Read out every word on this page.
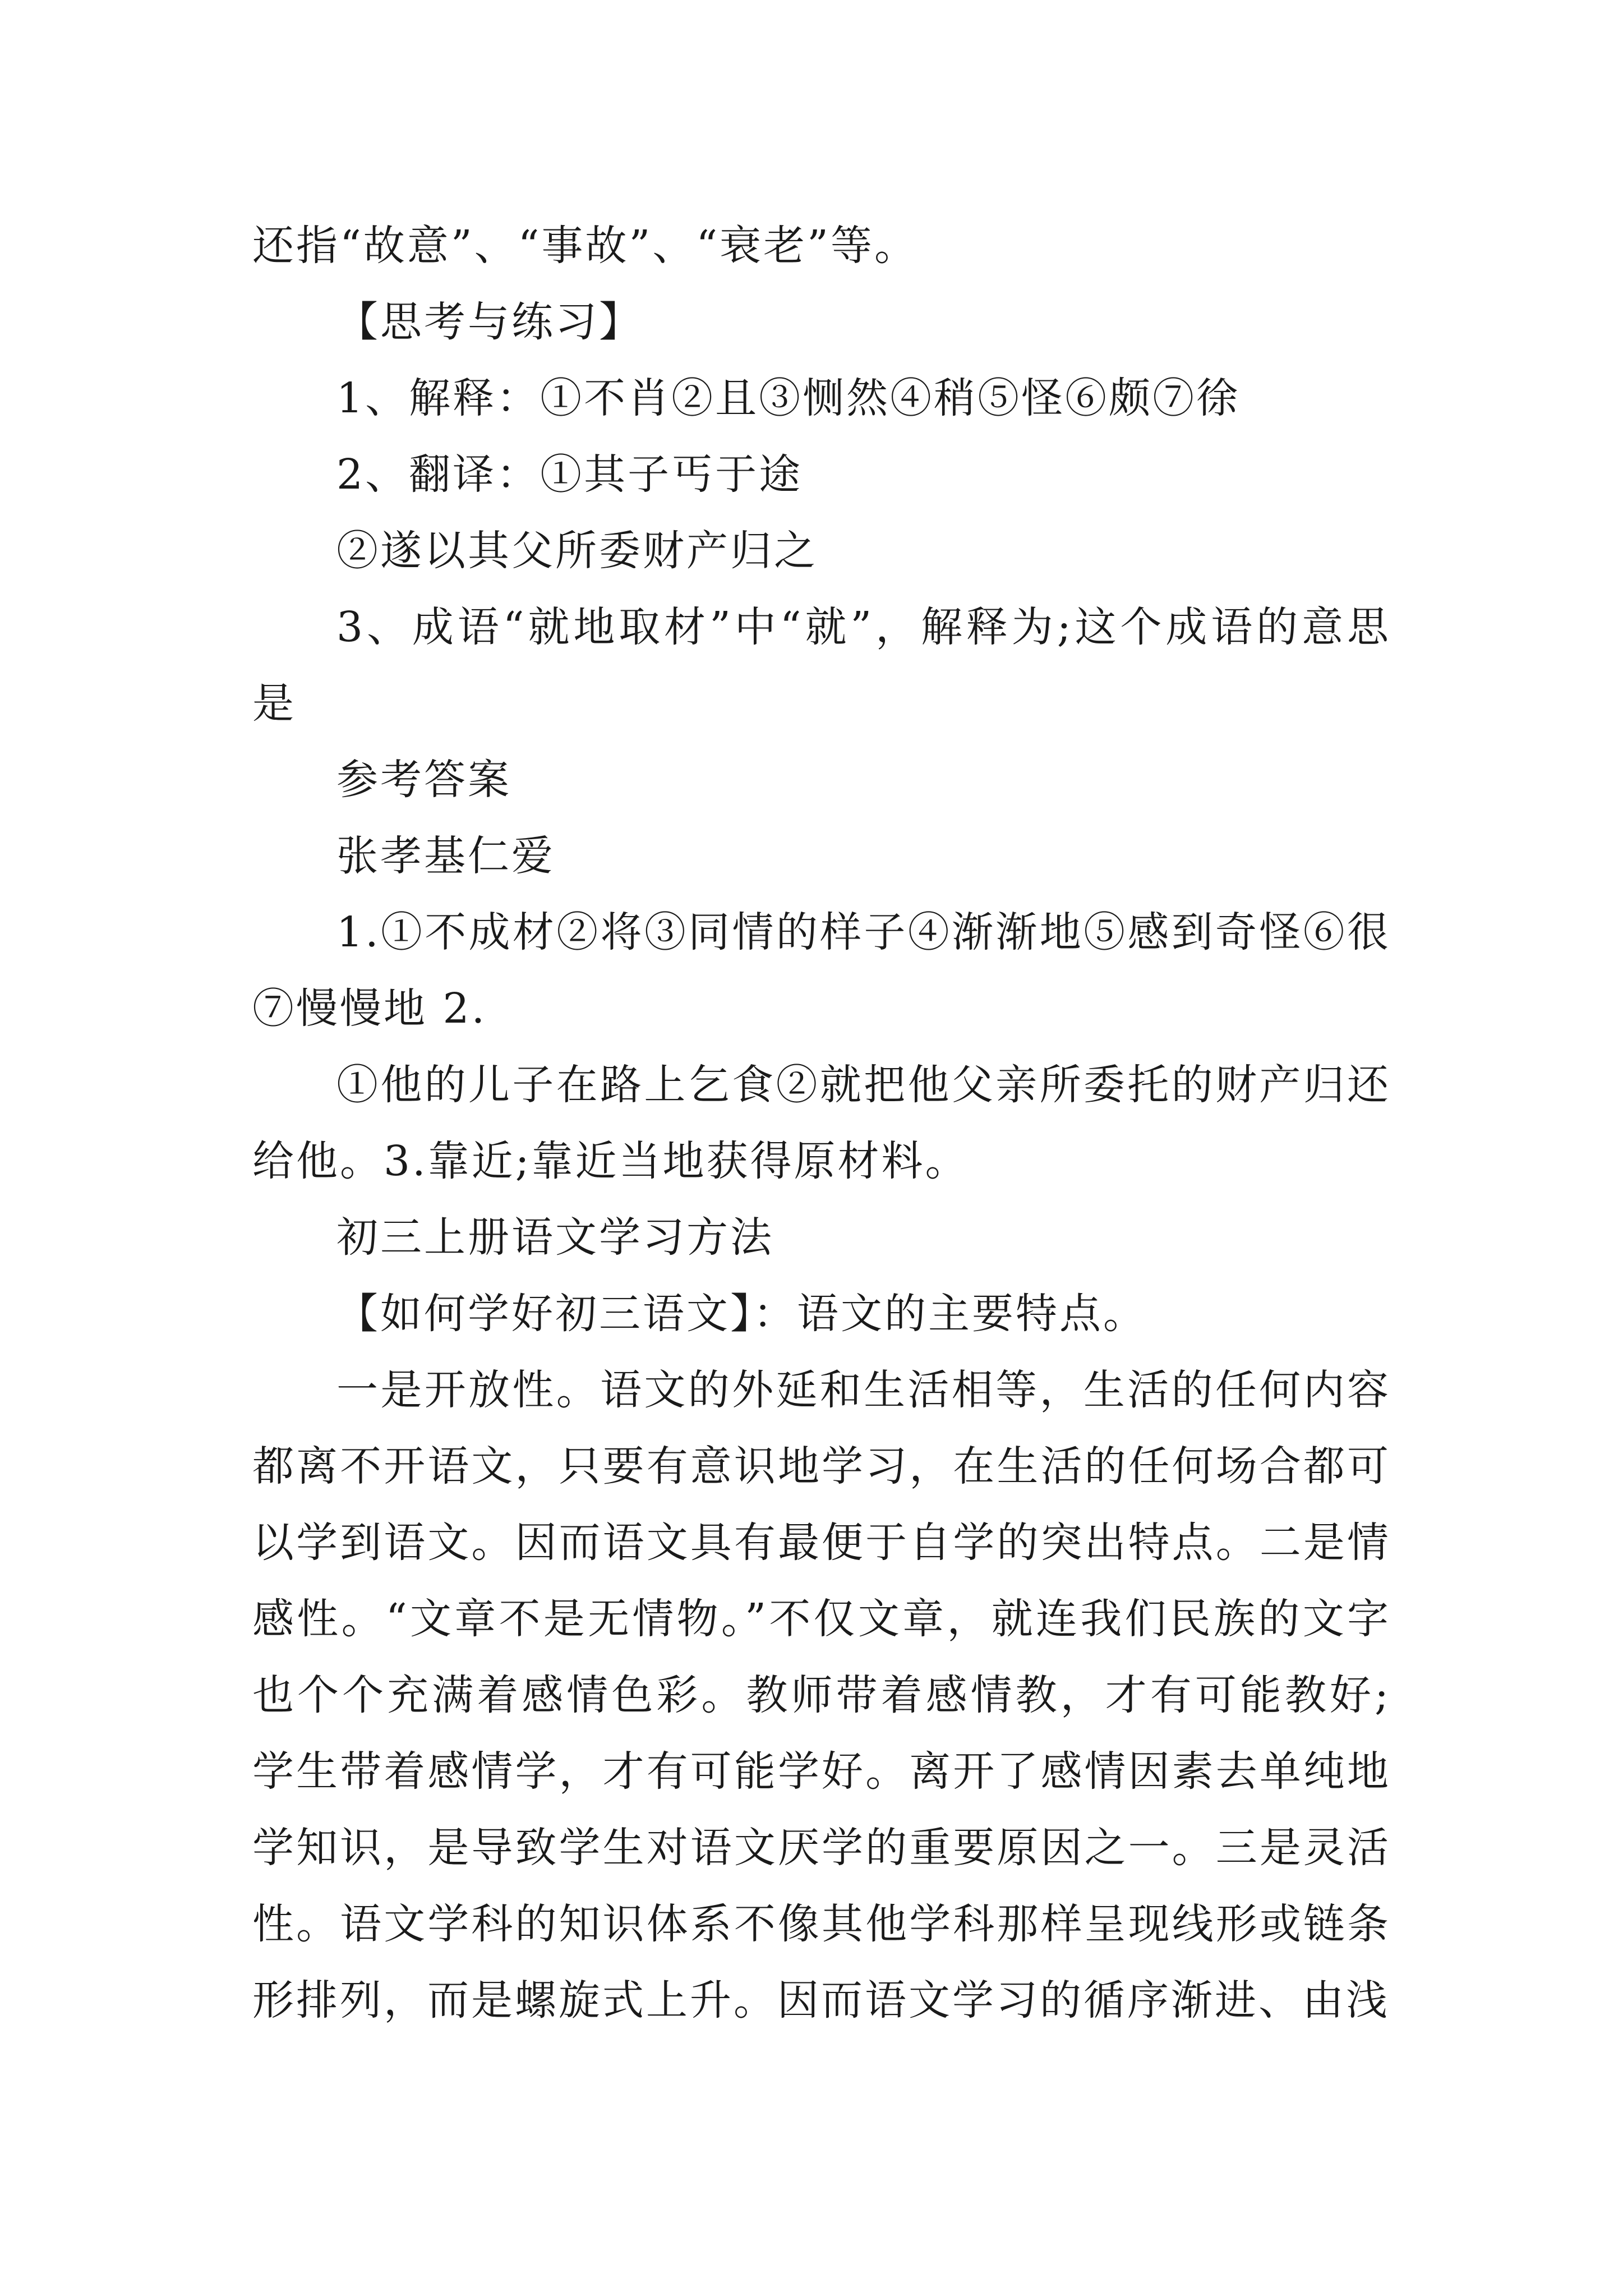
还指“故意”、“事故”、“衰老”等。

【思考与练习】

1、解释：①不肖②且③恻然④稍⑤怪⑥颇⑦徐

2、翻译：①其子丐于途

②遂以其父所委财产归之

3、成语“就地取材”中“就”，解释为;这个成语的意思是

参考答案

张孝基仁爱

1.①不成材②将③同情的样子④渐渐地⑤感到奇怪⑥很⑦慢慢地 2.

①他的儿子在路上乞食②就把他父亲所委托的财产归还给他。3.靠近;靠近当地获得原材料。

初三上册语文学习方法

【如何学好初三语文】：语文的主要特点。

一是开放性。语文的外延和生活相等，生活的任何内容都离不开语文，只要有意识地学习，在生活的任何场合都可以学到语文。因而语文具有最便于自学的突出特点。二是情感性。“文章不是无情物。”不仅文章，就连我们民族的文字也个个充满着感情色彩。教师带着感情教，才有可能教好;学生带着感情学，才有可能学好。离开了感情因素去单纯地学知识，是导致学生对语文厌学的重要原因之一。三是灵活性。语文学科的知识体系不像其他学科那样呈现线形或链条形排列，而是螺旋式上升。因而语文学习的循序渐进、由浅
